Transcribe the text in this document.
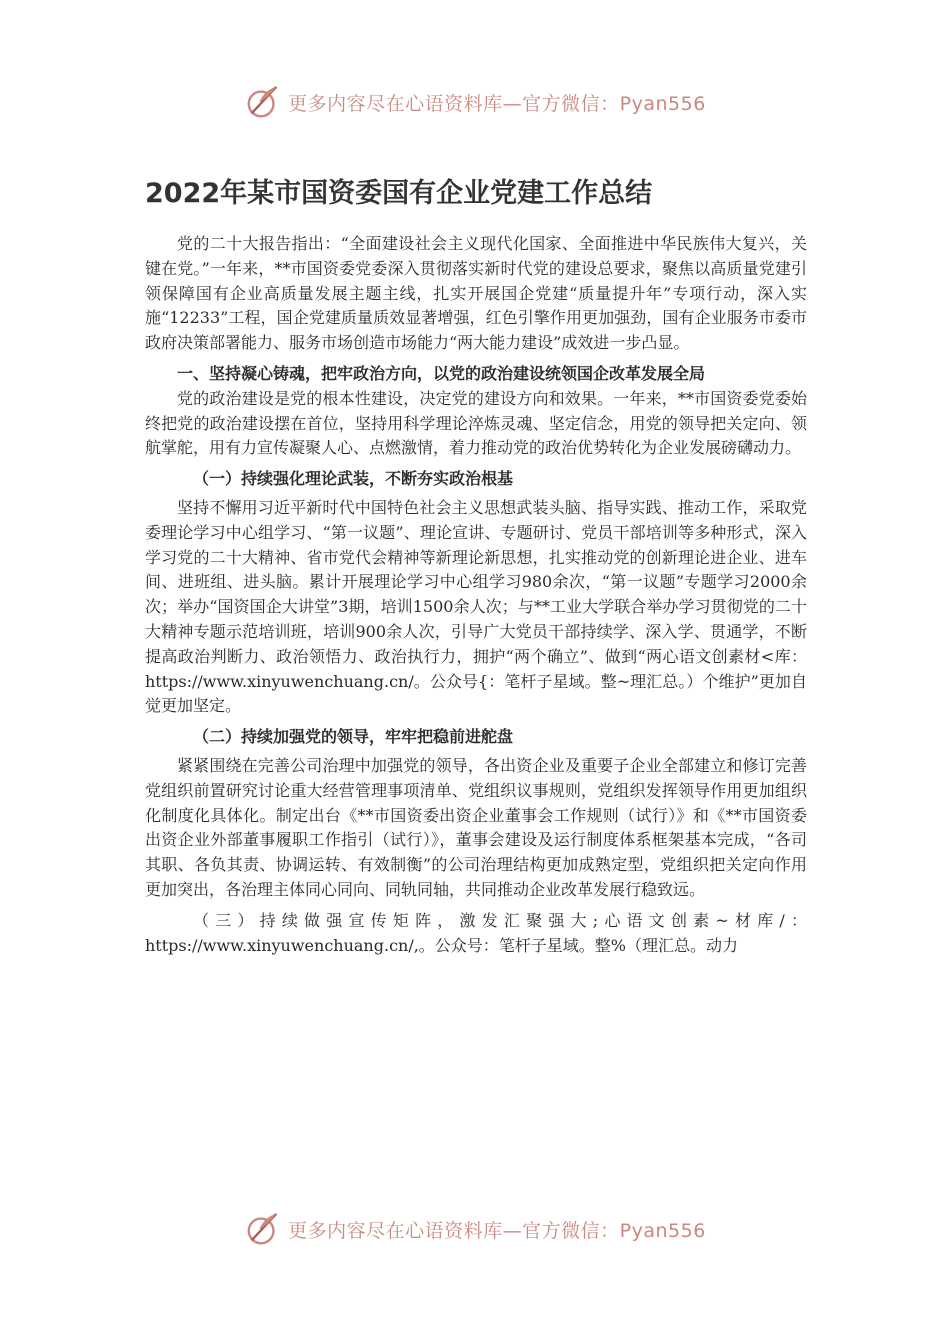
更多内容尽在心语资料库—官方微信：Pyan556
2022年某市国资委国有企业党建工作总结

党的二十大报告指出：“全面建设社会主义现代化国家、全面推进中华民族伟大复兴，关键在党。”一年来，**市国资委党委深入贯彻落实新时代党的建设总要求，聚焦以高质量党建引领保障国有企业高质量发展主题主线，扎实开展国企党建“质量提升年”专项行动，深入实施“12233”工程，国企党建质量质效显著增强，红色引擎作用更加强劲，国有企业服务市委市政府决策部署能力、服务市场创造市场能力“两大能力建设”成效进一步凸显。

一、坚持凝心铸魂，把牢政治方向，以党的政治建设统领国企改革发展全局

党的政治建设是党的根本性建设，决定党的建设方向和效果。一年来，**市国资委党委始终把党的政治建设摆在首位，坚持用科学理论淬炼灵魂、坚定信念，用党的领导把关定向、领航掌舵，用有力宣传凝聚人心、点燃激情，着力推动党的政治优势转化为企业发展磅礴动力。

（一）持续强化理论武装，不断夯实政治根基

坚持不懈用习近平新时代中国特色社会主义思想武装头脑、指导实践、推动工作，采取党委理论学习中心组学习、“第一议题”、理论宣讲、专题研讨、党员干部培训等多种形式，深入学习党的二十大精神、省市党代会精神等新理论新思想，扎实推动党的创新理论进企业、进车间、进班组、进头脑。累计开展理论学习中心组学习980余次，“第一议题”专题学习2000余次；举办“国资国企大讲堂”3期，培训1500余人次；与**工业大学联合举办学习贯彻党的二十大精神专题示范培训班，培训900余人次，引导广大党员干部持续学、深入学、贯通学，不断提高政治判断力、政治领悟力、政治执行力，拥护“两个确立”、做到“两心语文创素材<库：https://www.xinyuwenchuang.cn/。公众号{：笔杆子星域。整~理汇总。）个维护”更加自觉更加坚定。

（二）持续加强党的领导，牢牢把稳前进舵盘

紧紧围绕在完善公司治理中加强党的领导，各出资企业及重要子企业全部建立和修订完善党组织前置研究讨论重大经营管理事项清单、党组织议事规则，党组织发挥领导作用更加组织化制度化具体化。制定出台《**市国资委出资企业董事会工作规则（试行）》和《**市国资委出资企业外部董事履职工作指引（试行）》，董事会建设及运行制度体系框架基本完成，“各司其职、各负其责、协调运转、有效制衡”的公司治理结构更加成熟定型，党组织把关定向作用更加突出，各治理主体同心同向、同轨同轴，共同推动企业改革发展行稳致远。

（三）持续做强宣传矩阵，激发汇聚强大;心语文创素~材库/：https://www.xinyuwenchuang.cn/,。公众号：笔杆子星域。整%（理汇总。动力

更多内容尽在心语资料库—官方微信：Pyan556
